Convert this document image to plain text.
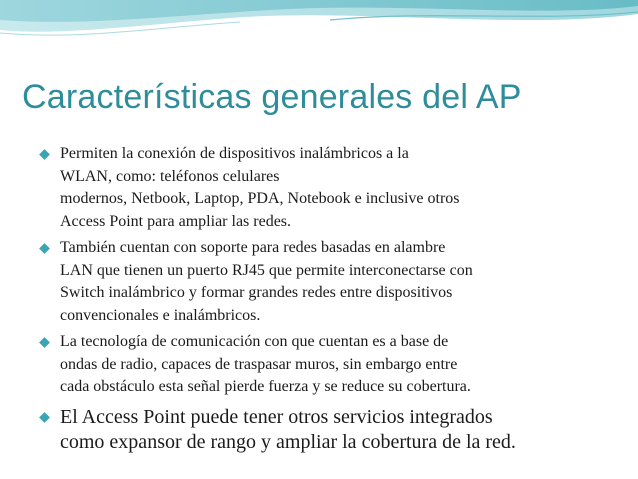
Características generales del AP
Permiten la conexión de dispositivos inalámbricos a la
WLAN, como: teléfonos celulares
modernos, Netbook, Laptop, PDA, Notebook e inclusive otros
Access Point para ampliar las redes.
También cuentan con soporte para redes basadas en alambre
LAN que tienen un puerto RJ45 que permite interconectarse con
Switch inalámbrico y formar grandes redes entre dispositivos
convencionales e inalámbricos.
La tecnología de comunicación con que cuentan es a base de
ondas de radio, capaces de traspasar muros, sin embargo entre
cada obstáculo esta señal pierde fuerza y se reduce su cobertura.
El Access Point puede tener otros servicios integrados
como expansor de rango y ampliar la cobertura de la red.
